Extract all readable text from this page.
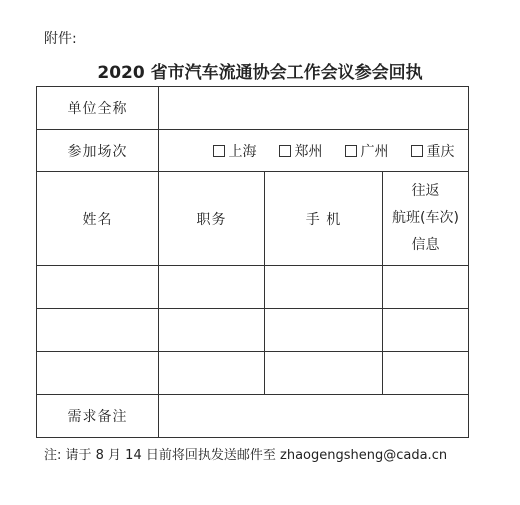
附件:
2020 省市汽车流通协会工作会议参会回执
单位全称			
参加场次	上海 郑州 广州 重庆		

姓名	职务	手 机	往返
航班(车次)
信息

需求备注			
注: 请于 8 月 14 日前将回执发送邮件至 zhaogengsheng@cada.cn
